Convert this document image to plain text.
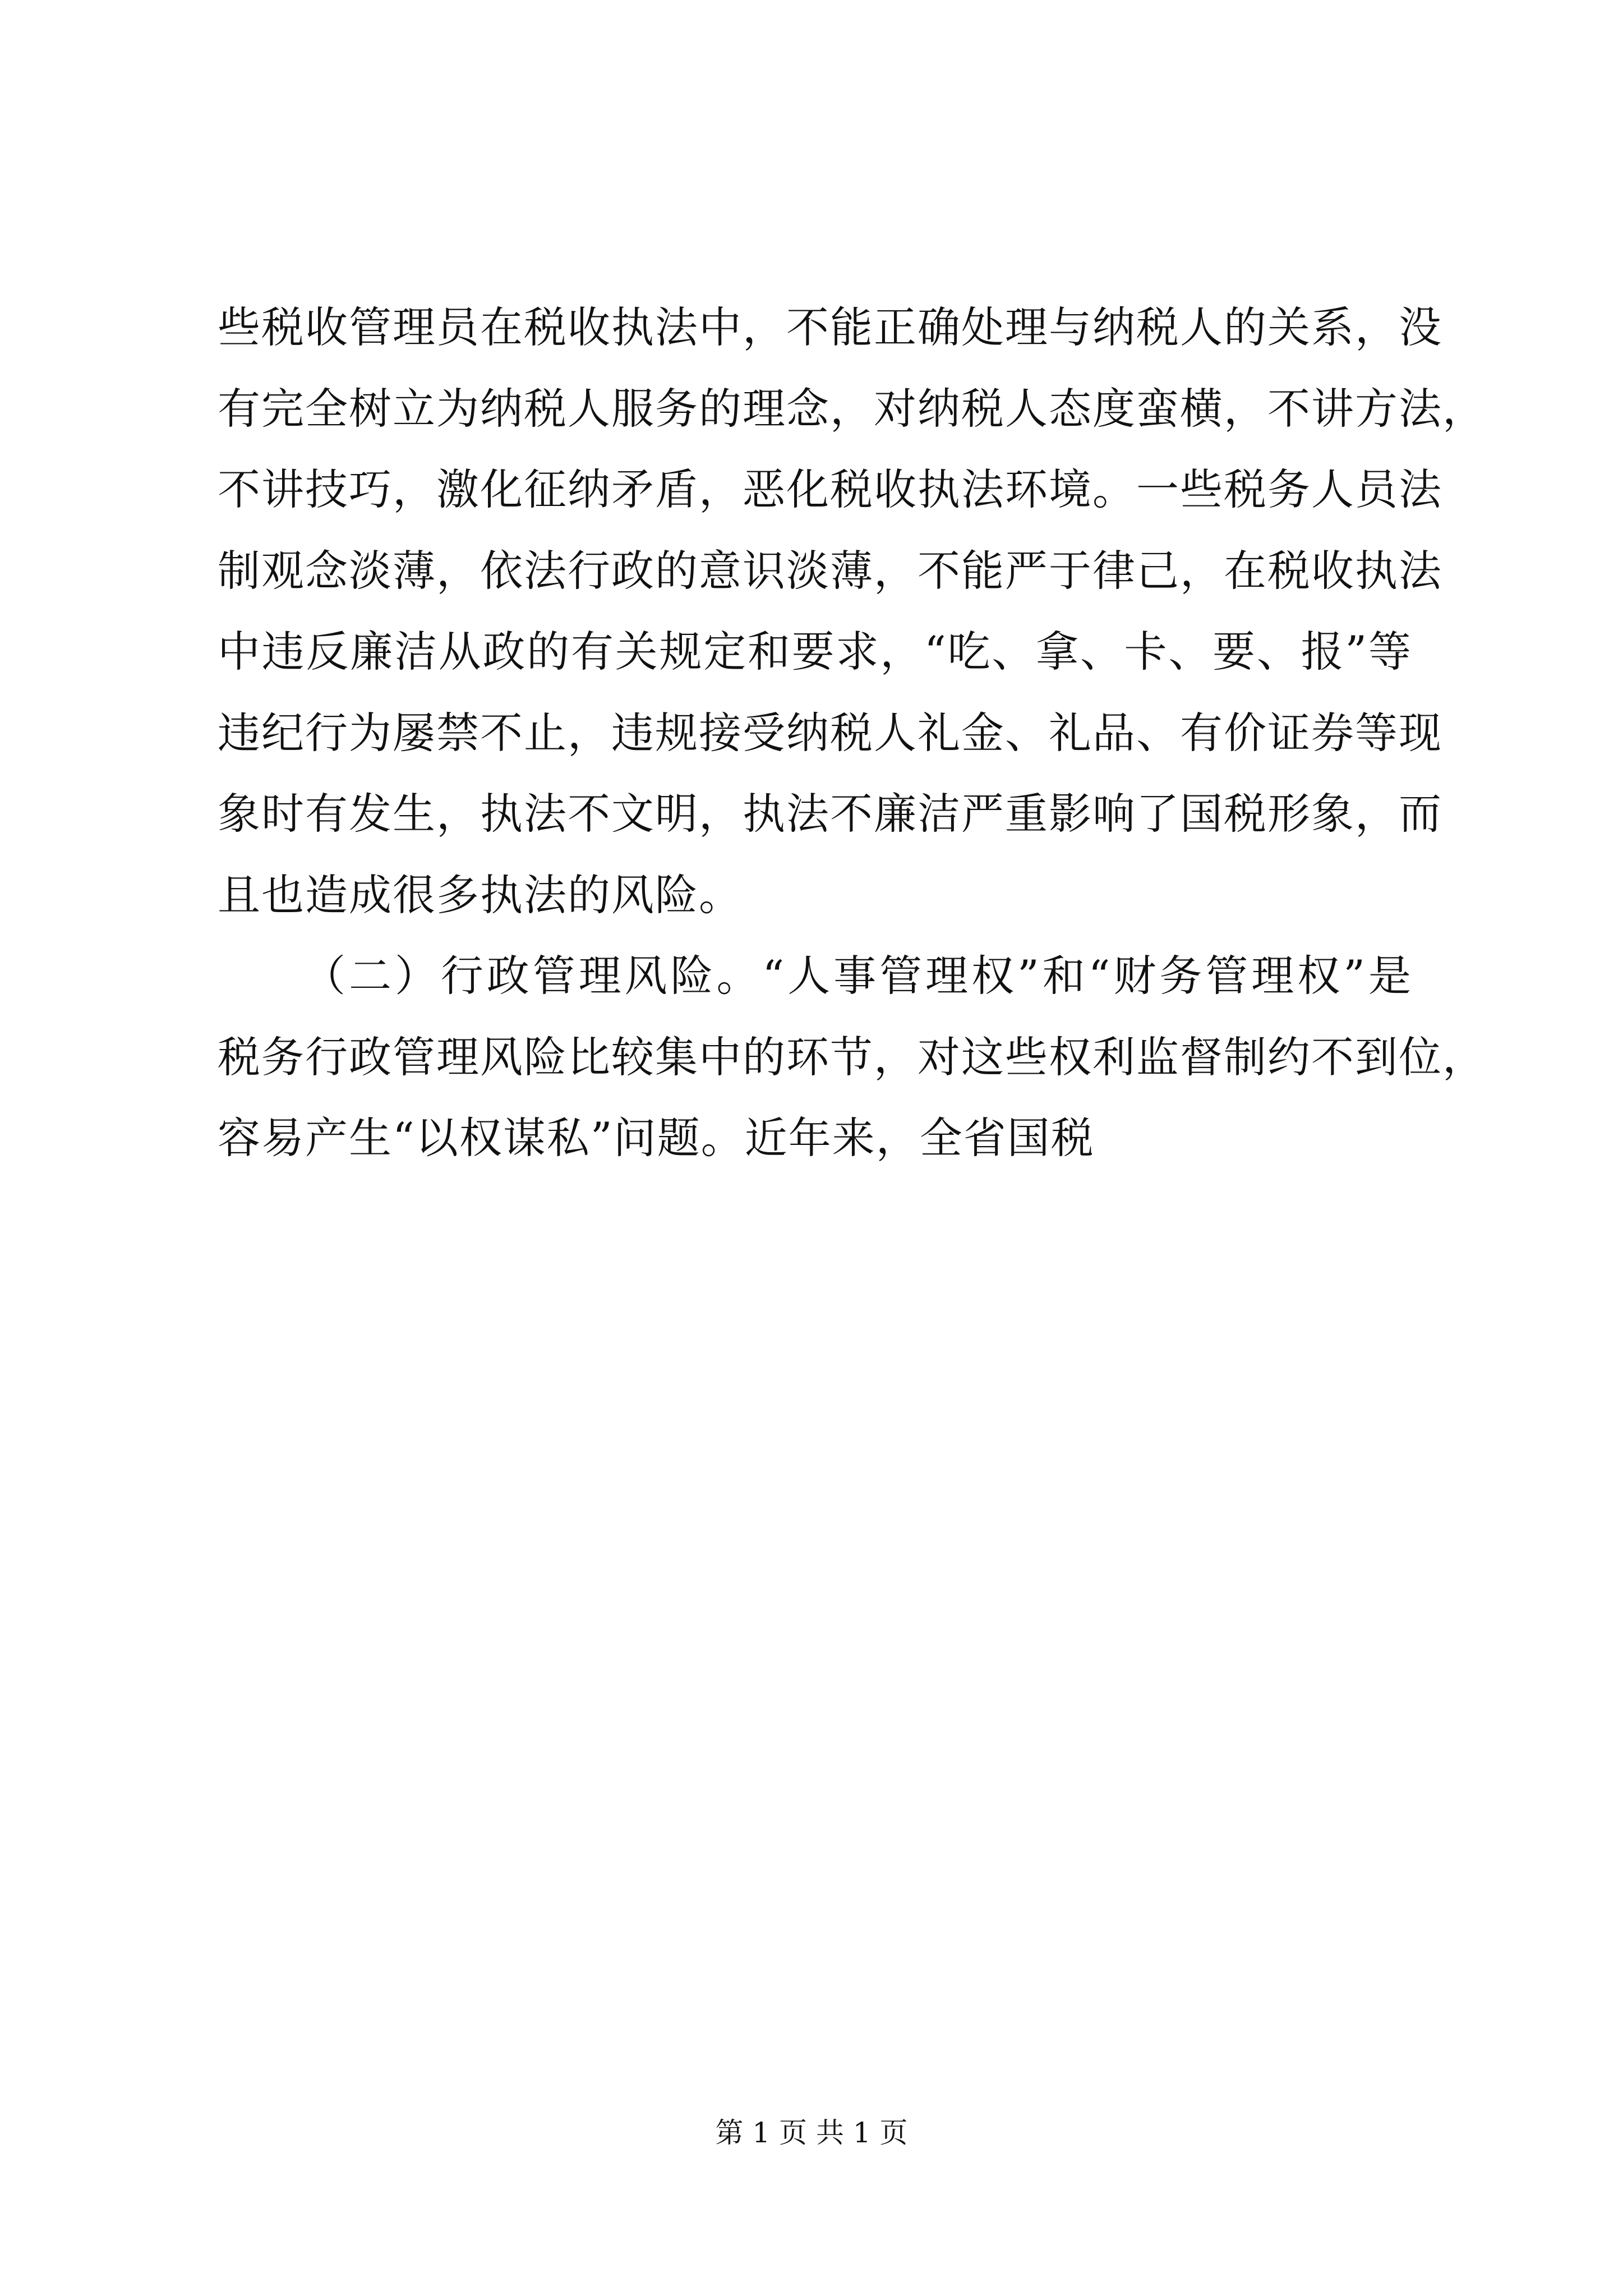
些税收管理员在税收执法中，不能正确处理与纳税人的关系，没
有完全树立为纳税人服务的理念，对纳税人态度蛮横，不讲方法，
不讲技巧，激化征纳矛盾，恶化税收执法环境。一些税务人员法
制观念淡薄，依法行政的意识淡薄，不能严于律己，在税收执法
中违反廉洁从政的有关规定和要求，“吃、拿、卡、要、报”等
违纪行为屡禁不止，违规接受纳税人礼金、礼品、有价证券等现
象时有发生，执法不文明，执法不廉洁严重影响了国税形象，而
且也造成很多执法的风险。
（二）行政管理风险。“人事管理权”和“财务管理权”是
税务行政管理风险比较集中的环节，对这些权利监督制约不到位，
容易产生“以权谋私”问题。近年来，全省国税
第 1 页 共 1 页
